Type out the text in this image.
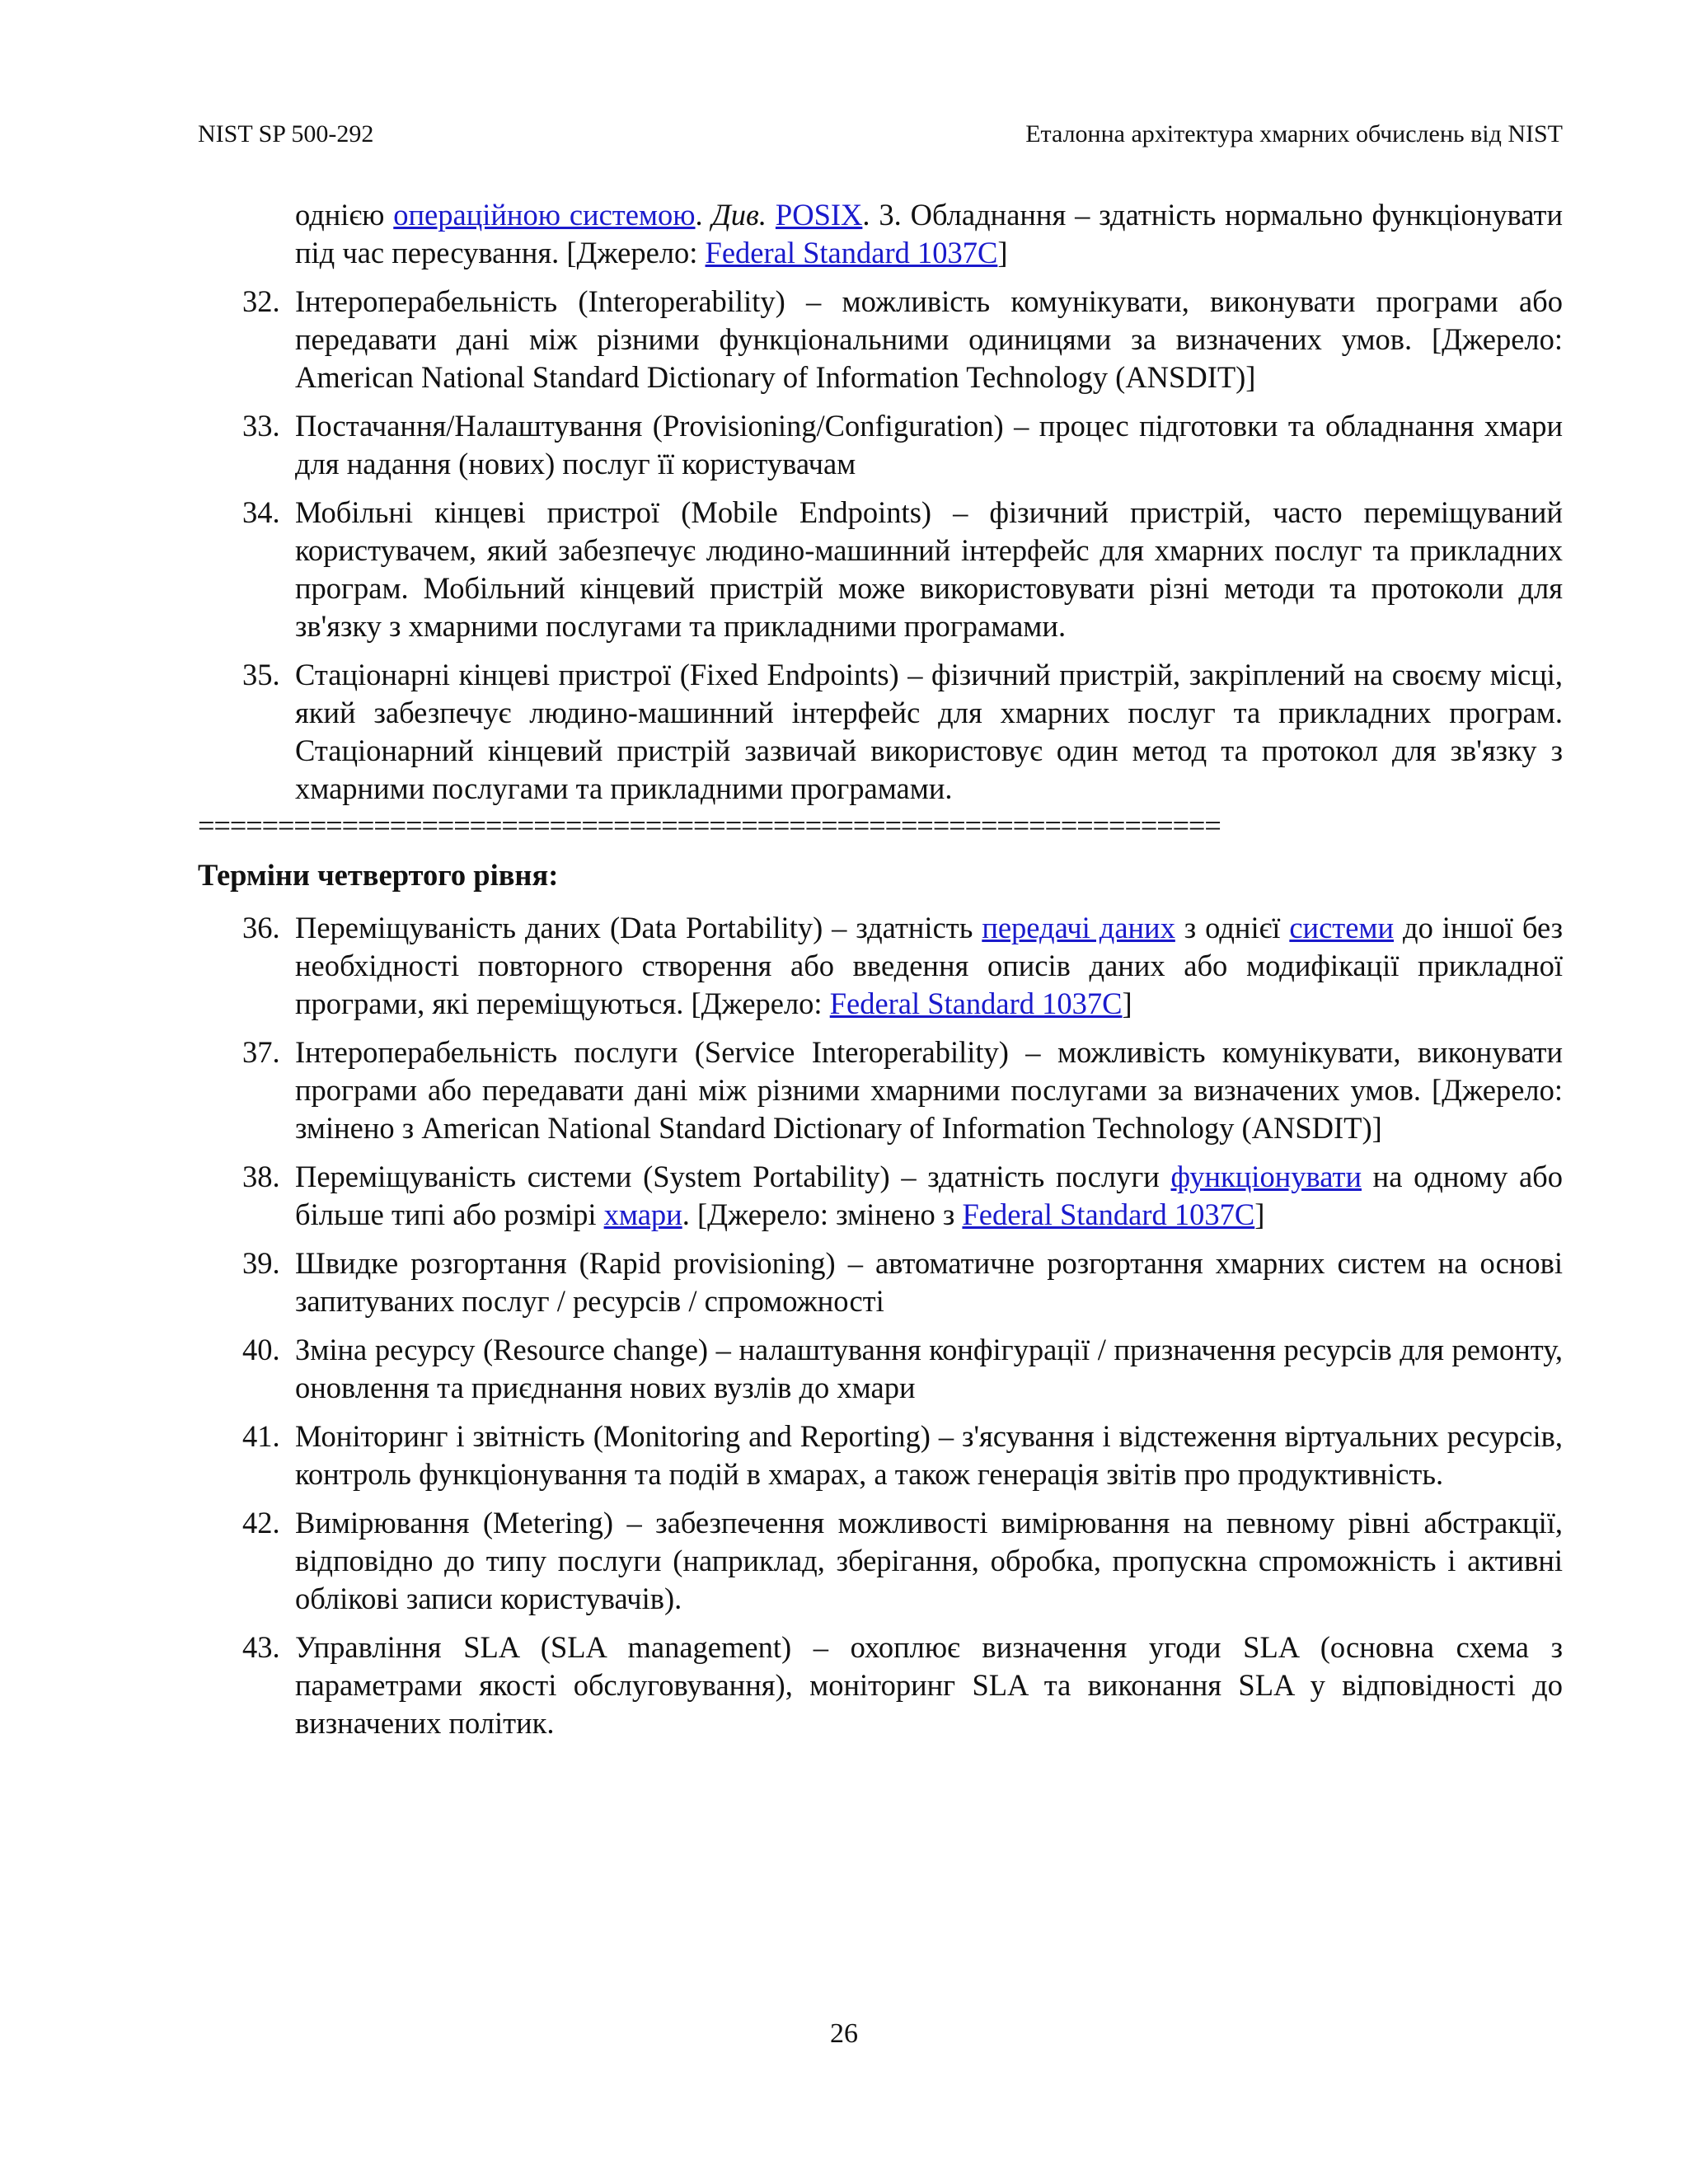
NIST SP 500-292	Еталонна архітектура хмарних обчислень від NIST
однією операційною системою. Див. POSIX. 3. Обладнання – здатність нормально функціонувати під час пересування. [Джерело: Federal Standard 1037C]
32. Інтероперабельність (Interoperability) – можливість комунікувати, виконувати програми або передавати дані між різними функціональними одиницями за визначених умов. [Джерело: American National Standard Dictionary of Information Technology (ANSDIT)]
33. Постачання/Налаштування (Provisioning/Configuration) – процес підготовки та обладнання хмари для надання (нових) послуг її користувачам
34. Мобільні кінцеві пристрої (Mobile Endpoints) – фізичний пристрій, часто переміщуваний користувачем, який забезпечує людино-машинний інтерфейс для хмарних послуг та прикладних програм. Мобільний кінцевий пристрій може використовувати різні методи та протоколи для зв'язку з хмарними послугами та прикладними програмами.
35. Стаціонарні кінцеві пристрої (Fixed Endpoints) – фізичний пристрій, закріплений на своєму місці, який забезпечує людино-машинний інтерфейс для хмарних послуг та прикладних програм. Стаціонарний кінцевий пристрій зазвичай використовує один метод та протокол для зв'язку з хмарними послугами та прикладними програмами.
================================================================
Терміни четвертого рівня:
36. Переміщуваність даних (Data Portability) – здатність передачі даних з однієї системи до іншої без необхідності повторного створення або введення описів даних або модифікації прикладної програми, які переміщуються. [Джерело: Federal Standard 1037C]
37. Інтероперабельність послуги (Service Interoperability) – можливість комунікувати, виконувати програми або передавати дані між різними хмарними послугами за визначених умов. [Джерело: змінено з American National Standard Dictionary of Information Technology (ANSDIT)]
38. Переміщуваність системи (System Portability) – здатність послуги функціонувати на одному або більше типі або розмірі хмари. [Джерело: змінено з Federal Standard 1037C]
39. Швидке розгортання (Rapid provisioning) – автоматичне розгортання хмарних систем на основі запитуваних послуг / ресурсів / спроможності
40. Зміна ресурсу (Resource change) – налаштування конфігурації / призначення ресурсів для ремонту, оновлення та приєднання нових вузлів до хмари
41. Моніторинг і звітність (Monitoring and Reporting) – з'ясування і відстеження віртуальних ресурсів, контроль функціонування та подій в хмарах, а також генерація звітів про продуктивність.
42. Вимірювання (Metering) – забезпечення можливості вимірювання на певному рівні абстракції, відповідно до типу послуги (наприклад, зберігання, обробка, пропускна спроможність і активні облікові записи користувачів).
43. Управління SLA (SLA management) – охоплює визначення угоди SLA (основна схема з параметрами якості обслуговування), моніторинг SLA та виконання SLA у відповідності до визначених політик.
26
